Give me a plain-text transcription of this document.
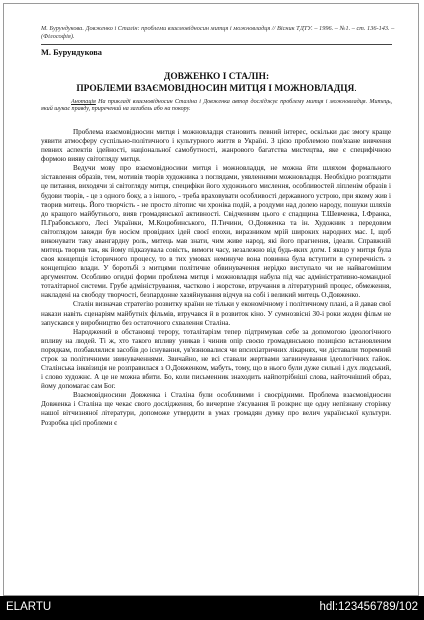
М. Бурундукова. Довженко і Сталін: проблеми взаємовідносин митця і можновладця // Вісник ТДТУ. – 1996. – №1. – ст. 136-143. – (Філософія).
М. Бурундукова
ДОВЖЕНКО І СТАЛІН:
ПРОБЛЕМИ ВЗАЄМОВІДНОСИН МИТЦЯ І МОЖНОВЛАДЦЯ.
Анотація На прикладі взаємовідносин Сталіна і Довженка автор досліджує проблему митця і можновладця. Митець, який шукає правду, приречений на загибель або на покору.

Проблема взаємовідносин митця і можновладця становить певний інтерес, оскільки дає змогу краще уявити атмосферу суспільно-політичного і культурного життя в Україні. З цією проблемою пов'язане вивчення певних аспектів ідейності, національної самобутності, жанрового багатства мистецтва, яке є специфічною формою вияву світогляду митця.

Ведучи мову про взаємовідносини митця і можновладця, не можна йти шляхом формального зіставлення образів, тем, мотивів творів художника з поглядами, уявленнями можновладця. Необхідно розглядати це питання, виходячи зі світогляду митця, специфіки його художнього мислення, особливостей ліпленім образів і будови творів, - це з одного боку, а з іншого, - треба враховувати особливості державного устрою, при якому жив і творив митець. Його творчість - не просто літопис чи хроніка подій, а роздуми над долею народу, пошуки шляхів до кращого майбутнього, вияв громадянської активності. Свідченням цього є спадщина Т.Шевченка, І.Франка, П.Грабовського, Лесі Українки, М.Коцюбинського, П.Тичини, О.Довженка та ін. Художник з передовим світоглядом завжди був носієм провідних ідей своєї епохи, виразником мрій широких народних мас. І, щоб виконувати таку авангардну роль, митець мав знати, чим живе народ, які його прагнення, ідеали. Справжній митець творив так, як йому підказувала совість, вимоги часу, незалежно від будь-яких догм. І якщо у митця була своя концепція історичного процесу, то в тих умовах неминуче вона повинна була вступити в суперечність з концепцією влади. У боротьбі з митцями політичне обвинувачення нерідко виступало чи не найвагомішим аргументом. Особливо огидні форми проблема митця і можновладця набула під час адміністративно-командної тоталітарної системи. Грубе адміністрування, частково і жорстоке, втручання в літературний процес, обмеження, накладені на свободу творчості, безпардонне хазяйнування відчув на собі і великий митець О.Довженко.

Сталін визначав стратегію розвитку країни не тільки у економічному і політичному плані, а й давав свої накази навіть сценаріям майбутніх фільмів, втручався й в розвиток кіно. У сумнозвісні 30-і роки жоден фільм не запускався у виробництво без остаточного схвалення Сталіна.

Народжений в обстановці терору, тоталітарізм тепер підтримував себе за допомогою ідеологічного впливу на людей. Ті ж, хто такого впливу уникав і чинив опір своєю громадянською позицією встановленим порядкам, позбавлялися засобів до існування, ув'язнювалися чи впсихіатричних лікарнях, чи діставали тюремний строк за політичними звинуваченнями. Звичайно, не всі ставали жертвами загвинчування ідеологічних гайок. Сталінська інквізиція не розправилася з О.Довженком, мабуть, тому, що в нього були дуже сильні і дух людський, і слово художнє. А це не можна вбити. Бо, коли письменник знаходить найпотрібніші слова, найточніший образ, йому допомагає сам Бог.

Взаємовідносини Довженка і Сталіна були особливими і своєрідними. Проблема взаємовідносин Довженка і Сталіна ще чекає свого дослідження, бо вичерпне з'ясування її розкриє ще одну непізнану сторінку нашої вітчизняної літератури, допоможе утвердити в умах громадян думку про велич української культури. Розробка цієї проблеми є

ELARTU	hdl:123456789/102
